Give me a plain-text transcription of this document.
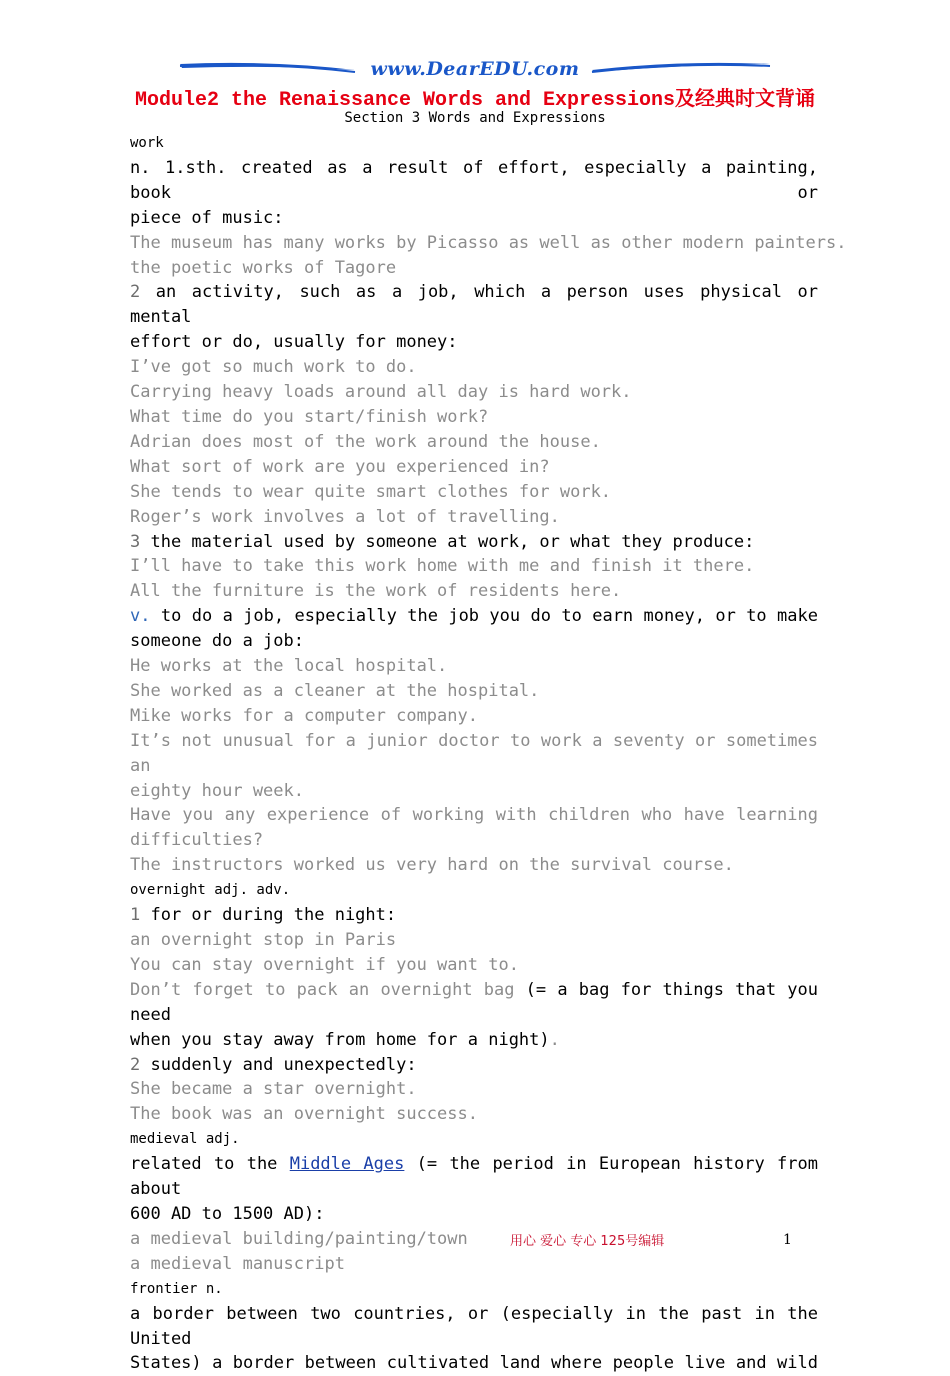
www.DearEDU.com
Module2 the Renaissance Words and Expressions及经典时文背诵
Section 3 Words and Expressions
work
n. 1.sth. created as a result of effort, especially a painting, book or
piece of music:
The museum has many works by Picasso as well as other modern painters.
the poetic works of Tagore
2 an activity, such as a job, which a person uses physical or mental
effort or do, usually for money:
I’ve got so much work to do.
Carrying heavy loads around all day is hard work.
What time do you start/finish work?
Adrian does most of the work around the house.
What sort of work are you experienced in?
She tends to wear quite smart clothes for work.
Roger’s work involves a lot of travelling.
3 the material used by someone at work, or what they produce:
I’ll have to take this work home with me and finish it there.
All the furniture is the work of residents here.
v. to do a job, especially the job you do to earn money, or to make
someone do a job:
He works at the local hospital.
She worked as a cleaner at the hospital.
Mike works for a computer company.
It’s not unusual for a junior doctor to work a seventy or sometimes an
eighty hour week.
Have you any experience of working with children who have learning
difficulties?
The instructors worked us very hard on the survival course.
overnight adj. adv.
1 for or during the night:
an overnight stop in Paris
You can stay overnight if you want to.
Don’t forget to pack an overnight bag (= a bag for things that you need
when you stay away from home for a night).
2 suddenly and unexpectedly:
She became a star overnight.
The book was an overnight success.
medieval adj.
related to the Middle Ages (= the period in European history from about
600 AD to 1500 AD):
a medieval building/painting/town
a medieval manuscript
frontier n.
a border between two countries, or (especially in the past in the United
States) a border between cultivated land where people live and wild
用心 爱心 专心 125号编辑	1
